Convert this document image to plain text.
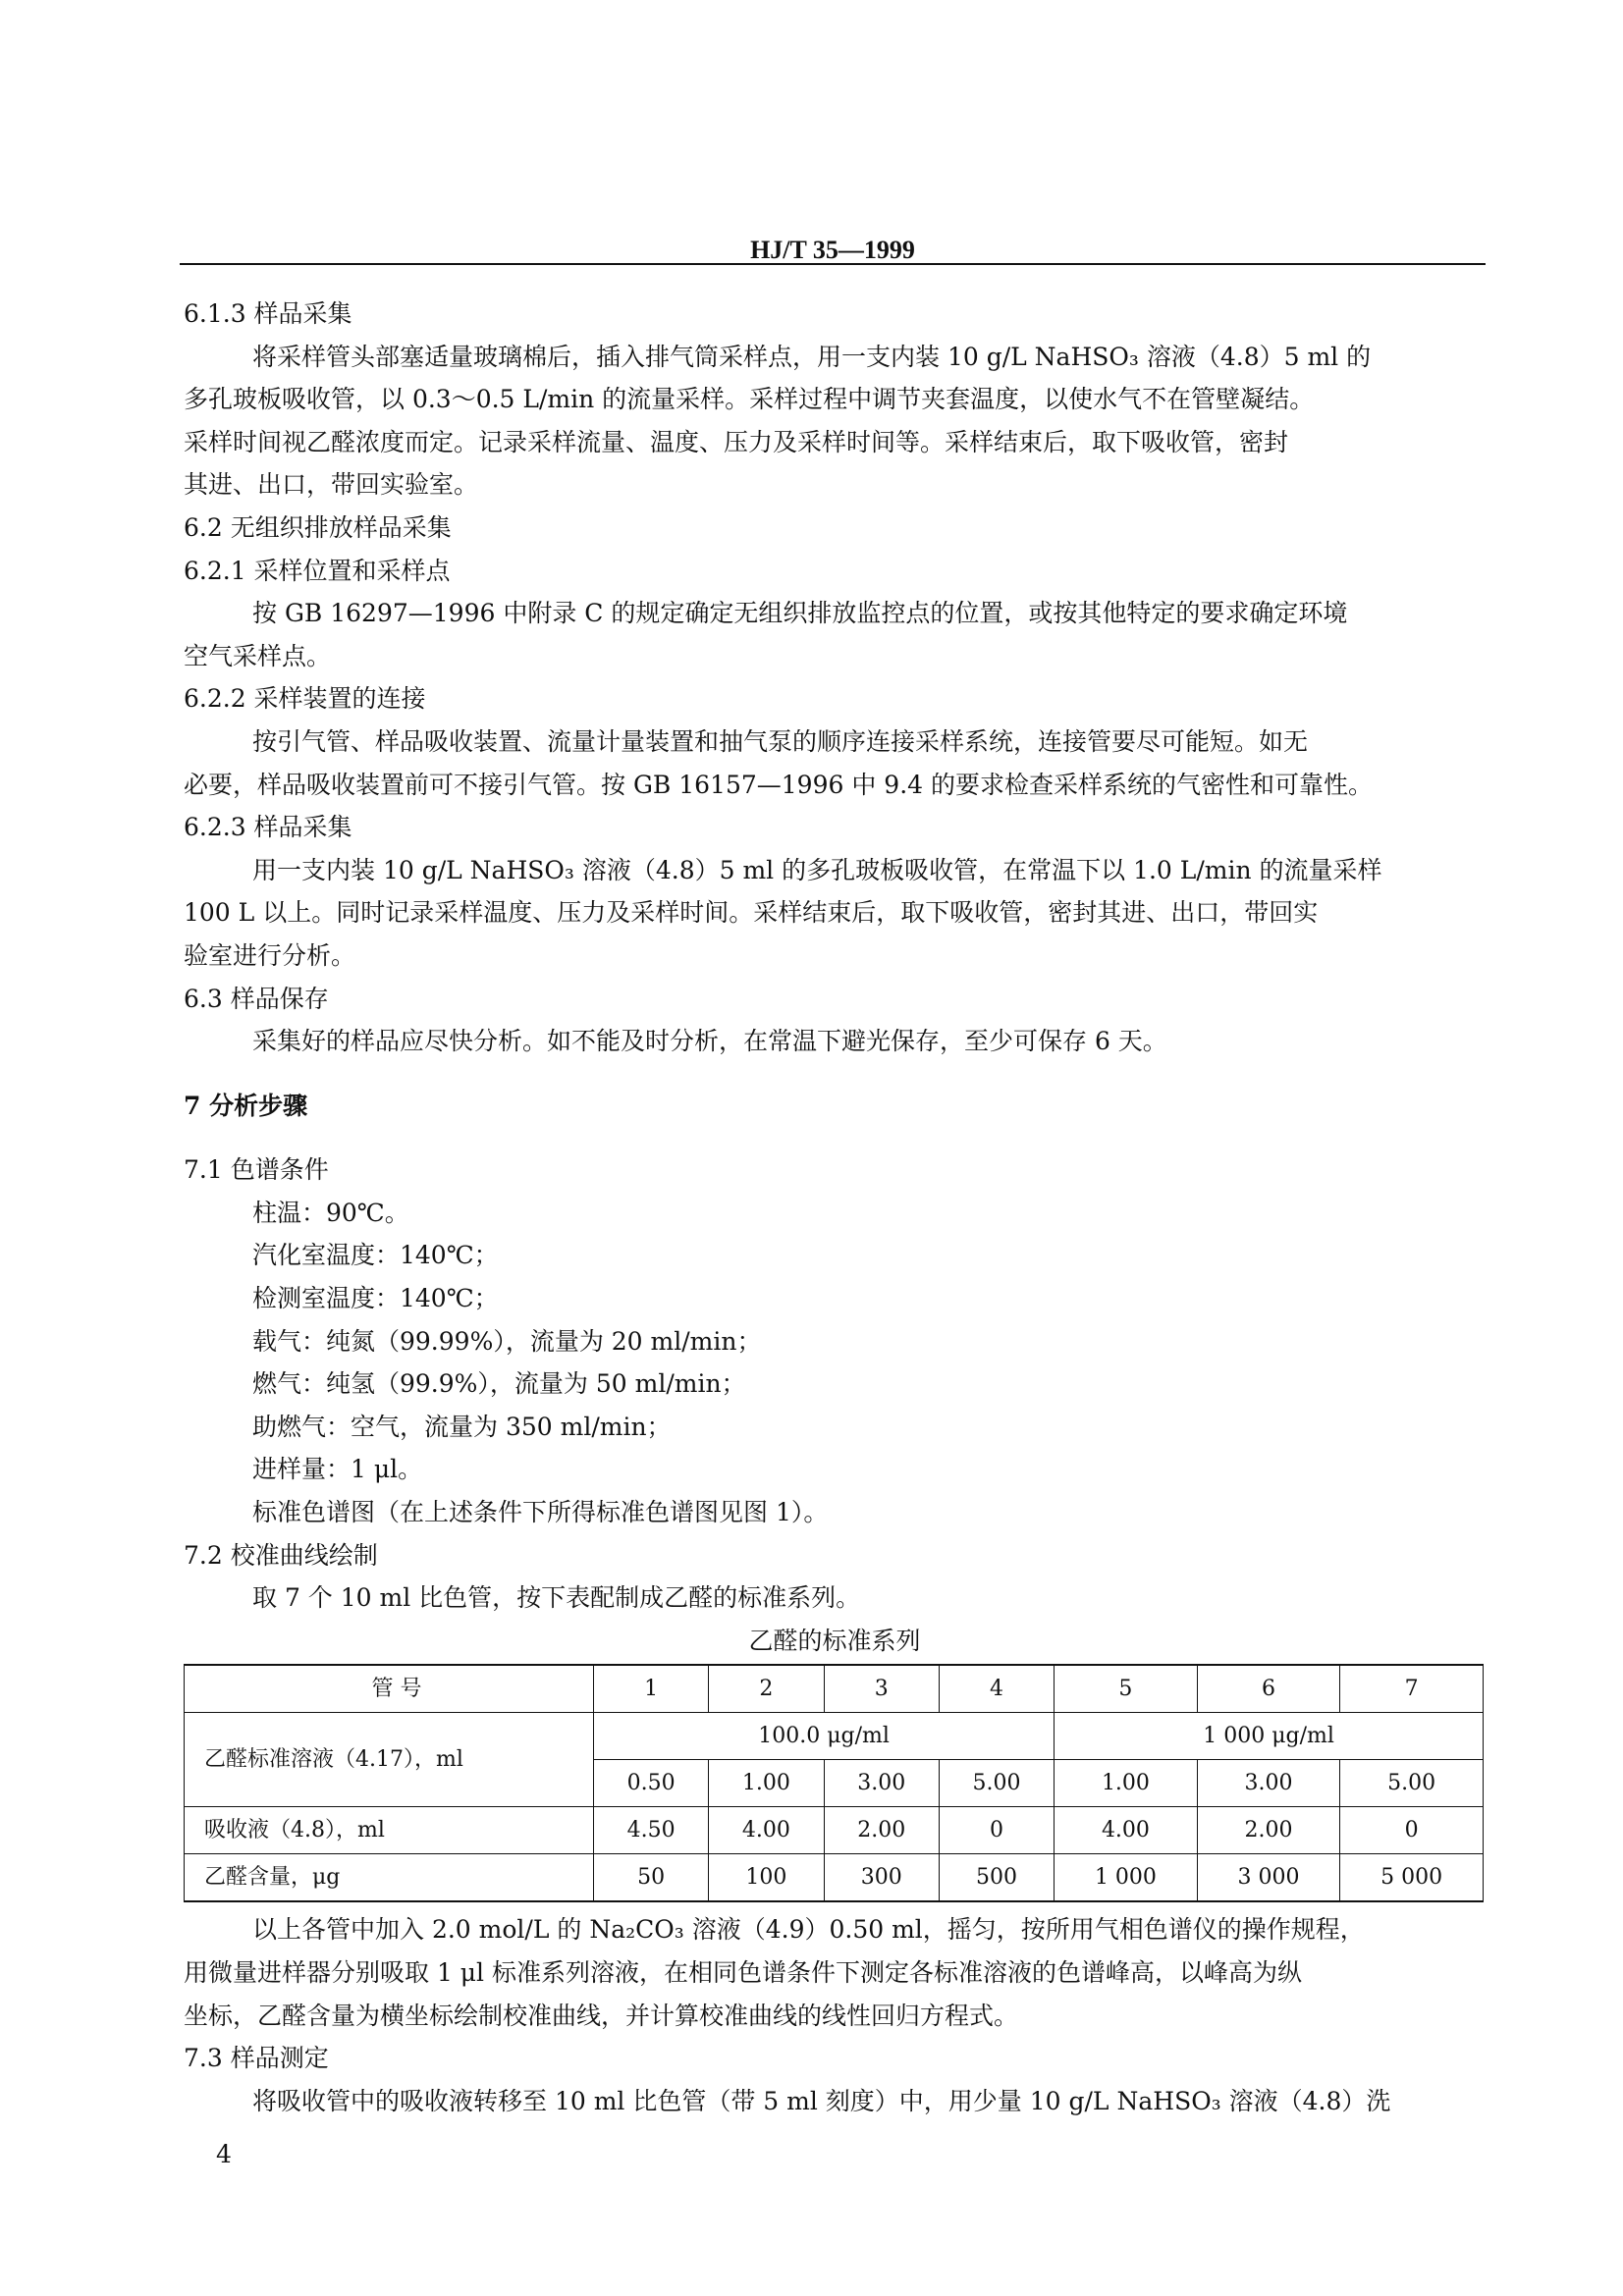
HJ/T 35—1999
6.1.3 样品采集
将采样管头部塞适量玻璃棉后，插入排气筒采样点，用一支内装 10 g/L NaHSO₃ 溶液（4.8）5 ml 的
多孔玻板吸收管，以 0.3～0.5 L/min 的流量采样。采样过程中调节夹套温度，以使水气不在管壁凝结。
采样时间视乙醛浓度而定。记录采样流量、温度、压力及采样时间等。采样结束后，取下吸收管，密封
其进、出口，带回实验室。
6.2 无组织排放样品采集
6.2.1 采样位置和采样点
按 GB 16297—1996 中附录 C 的规定确定无组织排放监控点的位置，或按其他特定的要求确定环境
空气采样点。
6.2.2 采样装置的连接
按引气管、样品吸收装置、流量计量装置和抽气泵的顺序连接采样系统，连接管要尽可能短。如无
必要，样品吸收装置前可不接引气管。按 GB 16157—1996 中 9.4 的要求检查采样系统的气密性和可靠性。
6.2.3 样品采集
用一支内装 10 g/L NaHSO₃ 溶液（4.8）5 ml 的多孔玻板吸收管，在常温下以 1.0 L/min 的流量采样
100 L 以上。同时记录采样温度、压力及采样时间。采样结束后，取下吸收管，密封其进、出口，带回实
验室进行分析。
6.3 样品保存
采集好的样品应尽快分析。如不能及时分析，在常温下避光保存，至少可保存 6 天。
7 分析步骤
7.1 色谱条件
柱温：90℃。
汽化室温度：140℃；
检测室温度：140℃；
载气：纯氮（99.99%），流量为 20 ml/min；
燃气：纯氢（99.9%），流量为 50 ml/min；
助燃气：空气，流量为 350 ml/min；
进样量：1 μl。
标准色谱图（在上述条件下所得标准色谱图见图 1）。
7.2 校准曲线绘制
取 7 个 10 ml 比色管，按下表配制成乙醛的标准系列。
乙醛的标准系列
管 号	1	2	3	4	5	6	7
乙醛标准溶液（4.17），ml	100.0 μg/ml				1 000 μg/ml		
	0.50	1.00	3.00	5.00	1.00	3.00	5.00
吸收液（4.8），ml	4.50	4.00	2.00	0	4.00	2.00	0
乙醛含量，μg	50	100	300	500	1 000	3 000	5 000
以上各管中加入 2.0 mol/L 的 Na₂CO₃ 溶液（4.9）0.50 ml，摇匀，按所用气相色谱仪的操作规程，
用微量进样器分别吸取 1 μl 标准系列溶液，在相同色谱条件下测定各标准溶液的色谱峰高，以峰高为纵
坐标，乙醛含量为横坐标绘制校准曲线，并计算校准曲线的线性回归方程式。
7.3 样品测定
将吸收管中的吸收液转移至 10 ml 比色管（带 5 ml 刻度）中，用少量 10 g/L NaHSO₃ 溶液（4.8）洗
4
